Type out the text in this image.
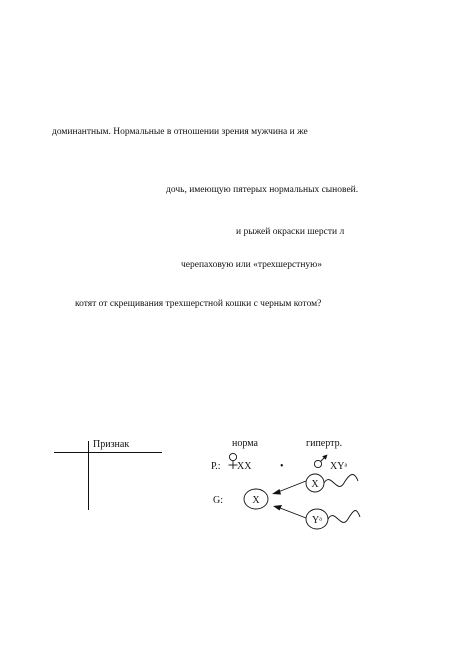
доминантным. Нормальные в отношении зрения мужчина и же
дочь, имеющую пятерых нормальных сыновей.
и рыжей окраски шерсти л
черепаховую или «трехшерстную»
котят от скрещивания трехшерстной кошки с черным котом?
Признак	норма	гипертр.
Р.: ХХ	•	ХYᵃ
G:	Х
Х
Yᵃ
